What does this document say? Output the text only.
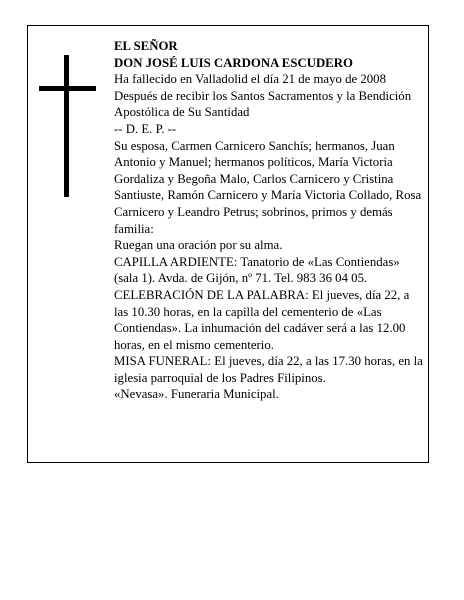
EL SEÑOR

DON JOSÉ LUIS CARDONA ESCUDERO

Ha fallecido en Valladolid el día 21 de mayo de 2008

Después de recibir los Santos Sacramentos y la Bendición Apostólica de Su Santidad

-- D. E. P. --

Su esposa, Carmen Carnicero Sanchís; hermanos, Juan Antonio y Manuel; hermanos políticos, María Victoria Gordaliza y Begoña Malo, Carlos Carnicero y Cristina Santiuste, Ramón Carnicero y María Victoria Collado, Rosa Carnicero y Leandro Petrus; sobrinos, primos y demás familia:

Ruegan una oración por su alma.

CAPILLA ARDIENTE: Tanatorio de «Las Contiendas» (sala 1). Avda. de Gijón, nº 71. Tel. 983 36 04 05.

CELEBRACIÓN DE LA PALABRA: El jueves, día 22, a las 10.30 horas, en la capilla del cementerio de «Las Contiendas». La inhumación del cadáver será a las 12.00 horas, en el mismo cementerio.

MISA FUNERAL: El jueves, día 22, a las 17.30 horas, en la iglesia parroquial de los Padres Filipinos.

«Nevasa». Funeraria Municipal.
